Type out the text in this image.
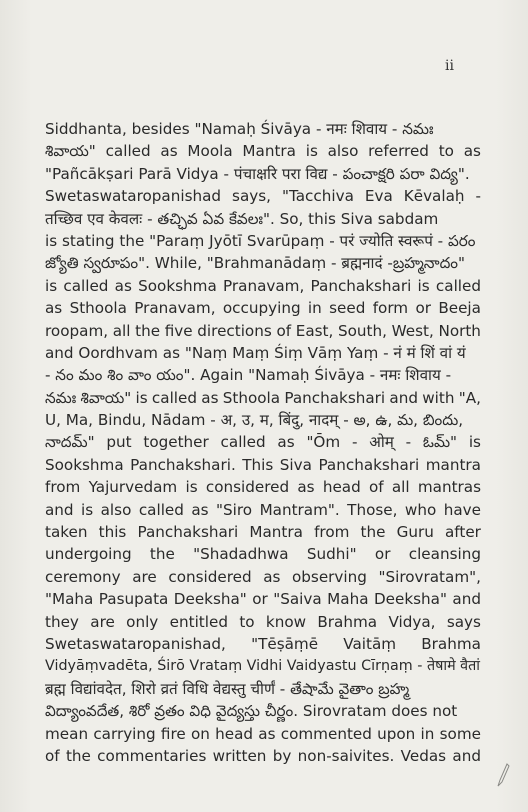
ii
Siddhanta, besides "Namaḥ Śivāya - नमः शिवाय - నమః
శివాయ" called as Moola Mantra is also referred to as
"Pañcākṣari Parā Vidya - पंचाक्षरि परा विद्य - పంచాక్షరి పరా విద్య".
Swetaswataropanishad says, "Tacchiva Eva Kēvalaḥ -
तच्छिव एव केवलः - తచ్ఛివ ఏవ కేవలః". So, this Siva sabdam
is stating the "Paraṃ Jyōtī Svarūpaṃ - परं ज्योति स्वरूपं - పరం
జ్యోతి స్వరూపం". While, "Brahmanādaṃ - ब्रह्मनादं -బ్రహ్మనాదం"
is called as Sookshma Pranavam, Panchakshari is called
as Sthoola Pranavam, occupying in seed form or Beeja
roopam, all the five directions of East, South, West, North
and Oordhvam as "Naṃ Maṃ Śiṃ Vāṃ Yaṃ - नं मं शिं वां यं
- నం మం శిం వాం యం". Again "Namaḥ Śivāya - नमः शिवाय -
నమః శివాయ" is called as Sthoola Panchakshari and with "A,
U, Ma, Bindu, Nādam - अ, उ, म, बिंदु, नादम् - అ, ఉ, మ, బిందు,
నాదమ్" put together called as "Ōm - ओम् - ఓమ్" is
Sookshma Panchakshari. This Siva Panchakshari mantra
from Yajurvedam is considered as head of all mantras
and is also called as "Siro Mantram". Those, who have
taken this Panchakshari Mantra from the Guru after
undergoing the "Shadadhwa Sudhi" or cleansing
ceremony are considered as observing "Sirovratam",
"Maha Pasupata Deeksha" or "Saiva Maha Deeksha" and
they are only entitled to know Brahma Vidya, says
Swetaswataropanishad, "Tēṣāṃē Vaitāṃ Brahma
Vidyāṃvadēta, Śirō Vrataṃ Vidhi Vaidyastu Cīrṇaṃ - तेषामे वैतां
ब्रह्म विद्यांवदेत, शिरो व्रतं विधि वेद्यस्तु चीर्णं - తేషామే వైతాం బ్రహ్మ
విద్యాంవదేత, శిరో వ్రతం విధి వైద్యస్తు చీర్ణం. Sirovratam does not
mean carrying fire on head as commented upon in some
of the commentaries written by non-saivites. Vedas and
